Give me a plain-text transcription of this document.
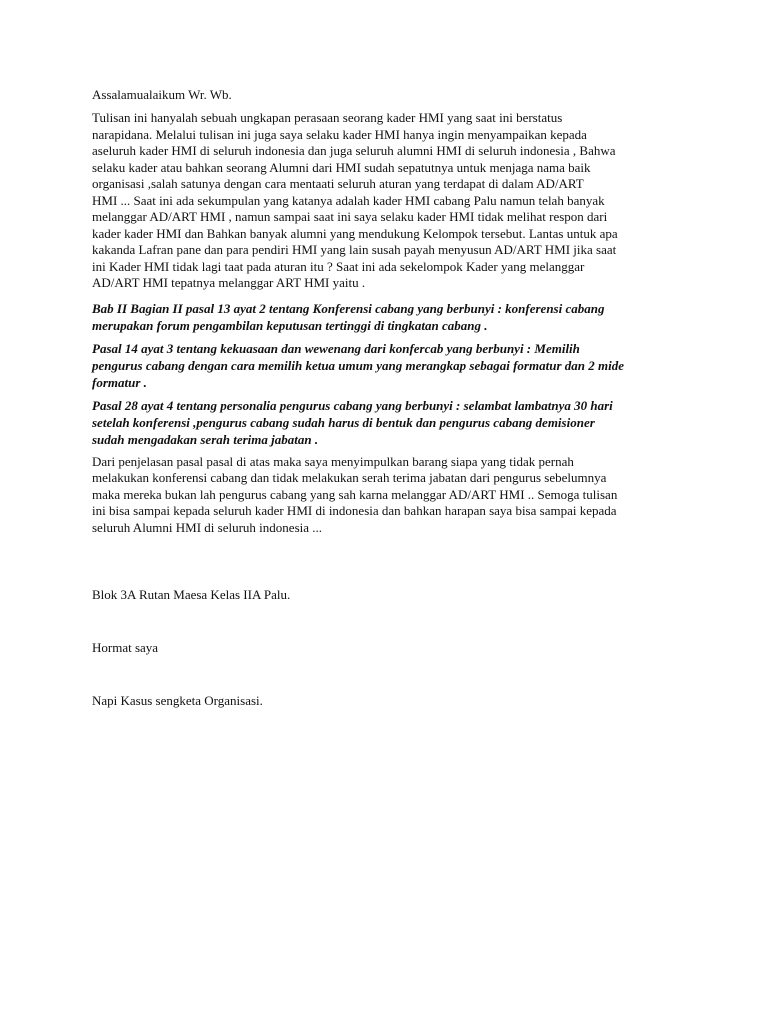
Assalamualaikum Wr. Wb.

Tulisan ini hanyalah sebuah ungkapan perasaan seorang kader HMI yang saat ini berstatus
narapidana. Melalui tulisan ini juga saya selaku kader HMI hanya ingin menyampaikan kepada
aseluruh kader HMI di seluruh indonesia dan juga seluruh alumni HMI di seluruh indonesia , Bahwa
selaku kader atau bahkan seorang Alumni dari HMI sudah sepatutnya untuk menjaga nama baik
organisasi ,salah satunya dengan cara mentaati seluruh aturan yang terdapat di dalam AD/ART
HMI ... Saat ini ada sekumpulan yang katanya adalah kader HMI cabang Palu namun telah banyak
melanggar AD/ART HMI , namun sampai saat ini saya selaku kader HMI tidak melihat respon dari
kader kader HMI dan Bahkan banyak alumni yang mendukung Kelompok tersebut. Lantas untuk apa
kakanda Lafran pane dan para pendiri HMI yang lain susah payah menyusun AD/ART HMI jika saat
ini Kader HMI tidak lagi taat pada aturan itu ? Saat ini ada sekelompok Kader yang melanggar
AD/ART HMI tepatnya melanggar ART HMI yaitu .

Bab II Bagian II pasal 13 ayat 2 tentang Konferensi cabang yang berbunyi : konferensi cabang
merupakan forum pengambilan keputusan tertinggi di tingkatan cabang .

Pasal 14 ayat 3 tentang kekuasaan dan wewenang dari konfercab yang berbunyi : Memilih
pengurus cabang dengan cara memilih ketua umum yang merangkap sebagai formatur dan 2 mide
formatur .

Pasal 28 ayat 4 tentang personalia pengurus cabang yang berbunyi : selambat lambatnya 30 hari
setelah konferensi ,pengurus cabang sudah harus di bentuk dan pengurus cabang demisioner
sudah mengadakan serah terima jabatan .

Dari penjelasan pasal pasal di atas maka saya menyimpulkan barang siapa yang tidak pernah
melakukan konferensi cabang dan tidak melakukan serah terima jabatan dari pengurus sebelumnya
maka mereka bukan lah pengurus cabang yang sah karna melanggar AD/ART HMI .. Semoga tulisan
ini bisa sampai kepada seluruh kader HMI di indonesia dan bahkan harapan saya bisa sampai kepada
seluruh Alumni HMI di seluruh indonesia ...

Blok 3A Rutan Maesa Kelas IIA Palu.

Hormat saya

Napi Kasus sengketa Organisasi.
